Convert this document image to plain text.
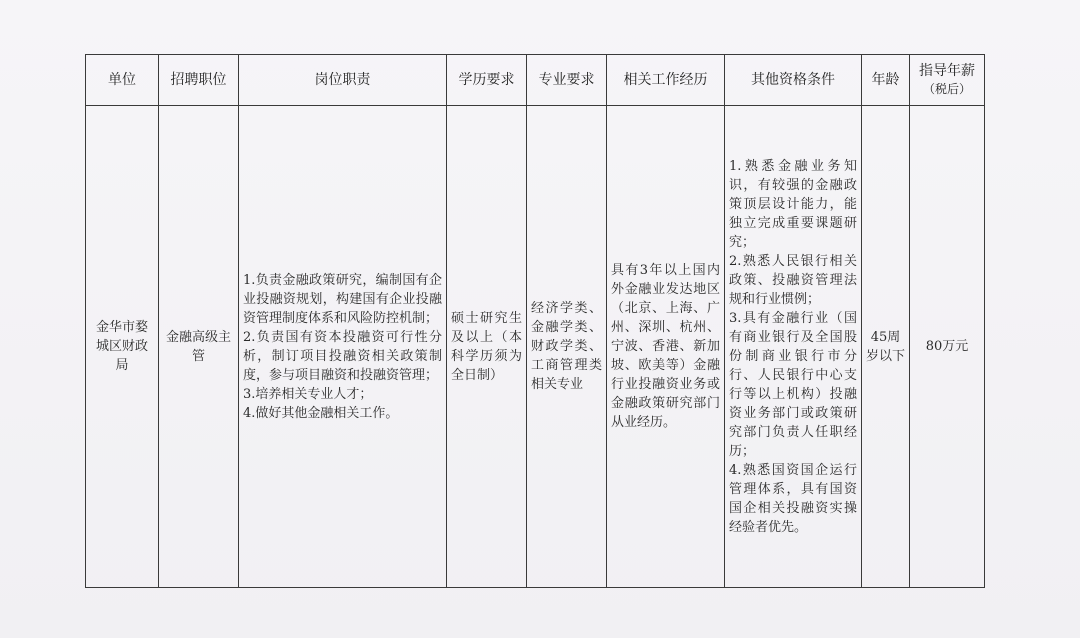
单位	招聘职位	岗位职责	学历要求	专业要求	相关工作经历	其他资格条件	年龄	指导年薪
（税后）

金华市婺城区财政局	金融高级主管	1.负责金融政策研究，编制国有企业投融资规划，构建国有企业投融资管理制度体系和风险防控机制；
2.负责国有资本投融资可行性分析，制订项目投融资相关政策制度，参与项目融资和投融资管理；
3.培养相关专业人才；
4.做好其他金融相关工作。	硕士研究生及以上（本科学历须为全日制）	经济学类、金融学类、财政学类、工商管理类相关专业	具有3年以上国内外金融业发达地区（北京、上海、广州、深圳、杭州、宁波、香港、新加坡、欧美等）金融行业投融资业务或金融政策研究部门从业经历。	1.熟悉金融业务知识，有较强的金融政策顶层设计能力，能独立完成重要课题研究；
2.熟悉人民银行相关政策、投融资管理法规和行业惯例；
3.具有金融行业（国有商业银行及全国股份制商业银行市分行、人民银行中心支行等以上机构）投融资业务部门或政策研究部门负责人任职经历；
4.熟悉国资国企运行管理体系，具有国资国企相关投融资实操经验者优先。	45周岁以下	80万元
